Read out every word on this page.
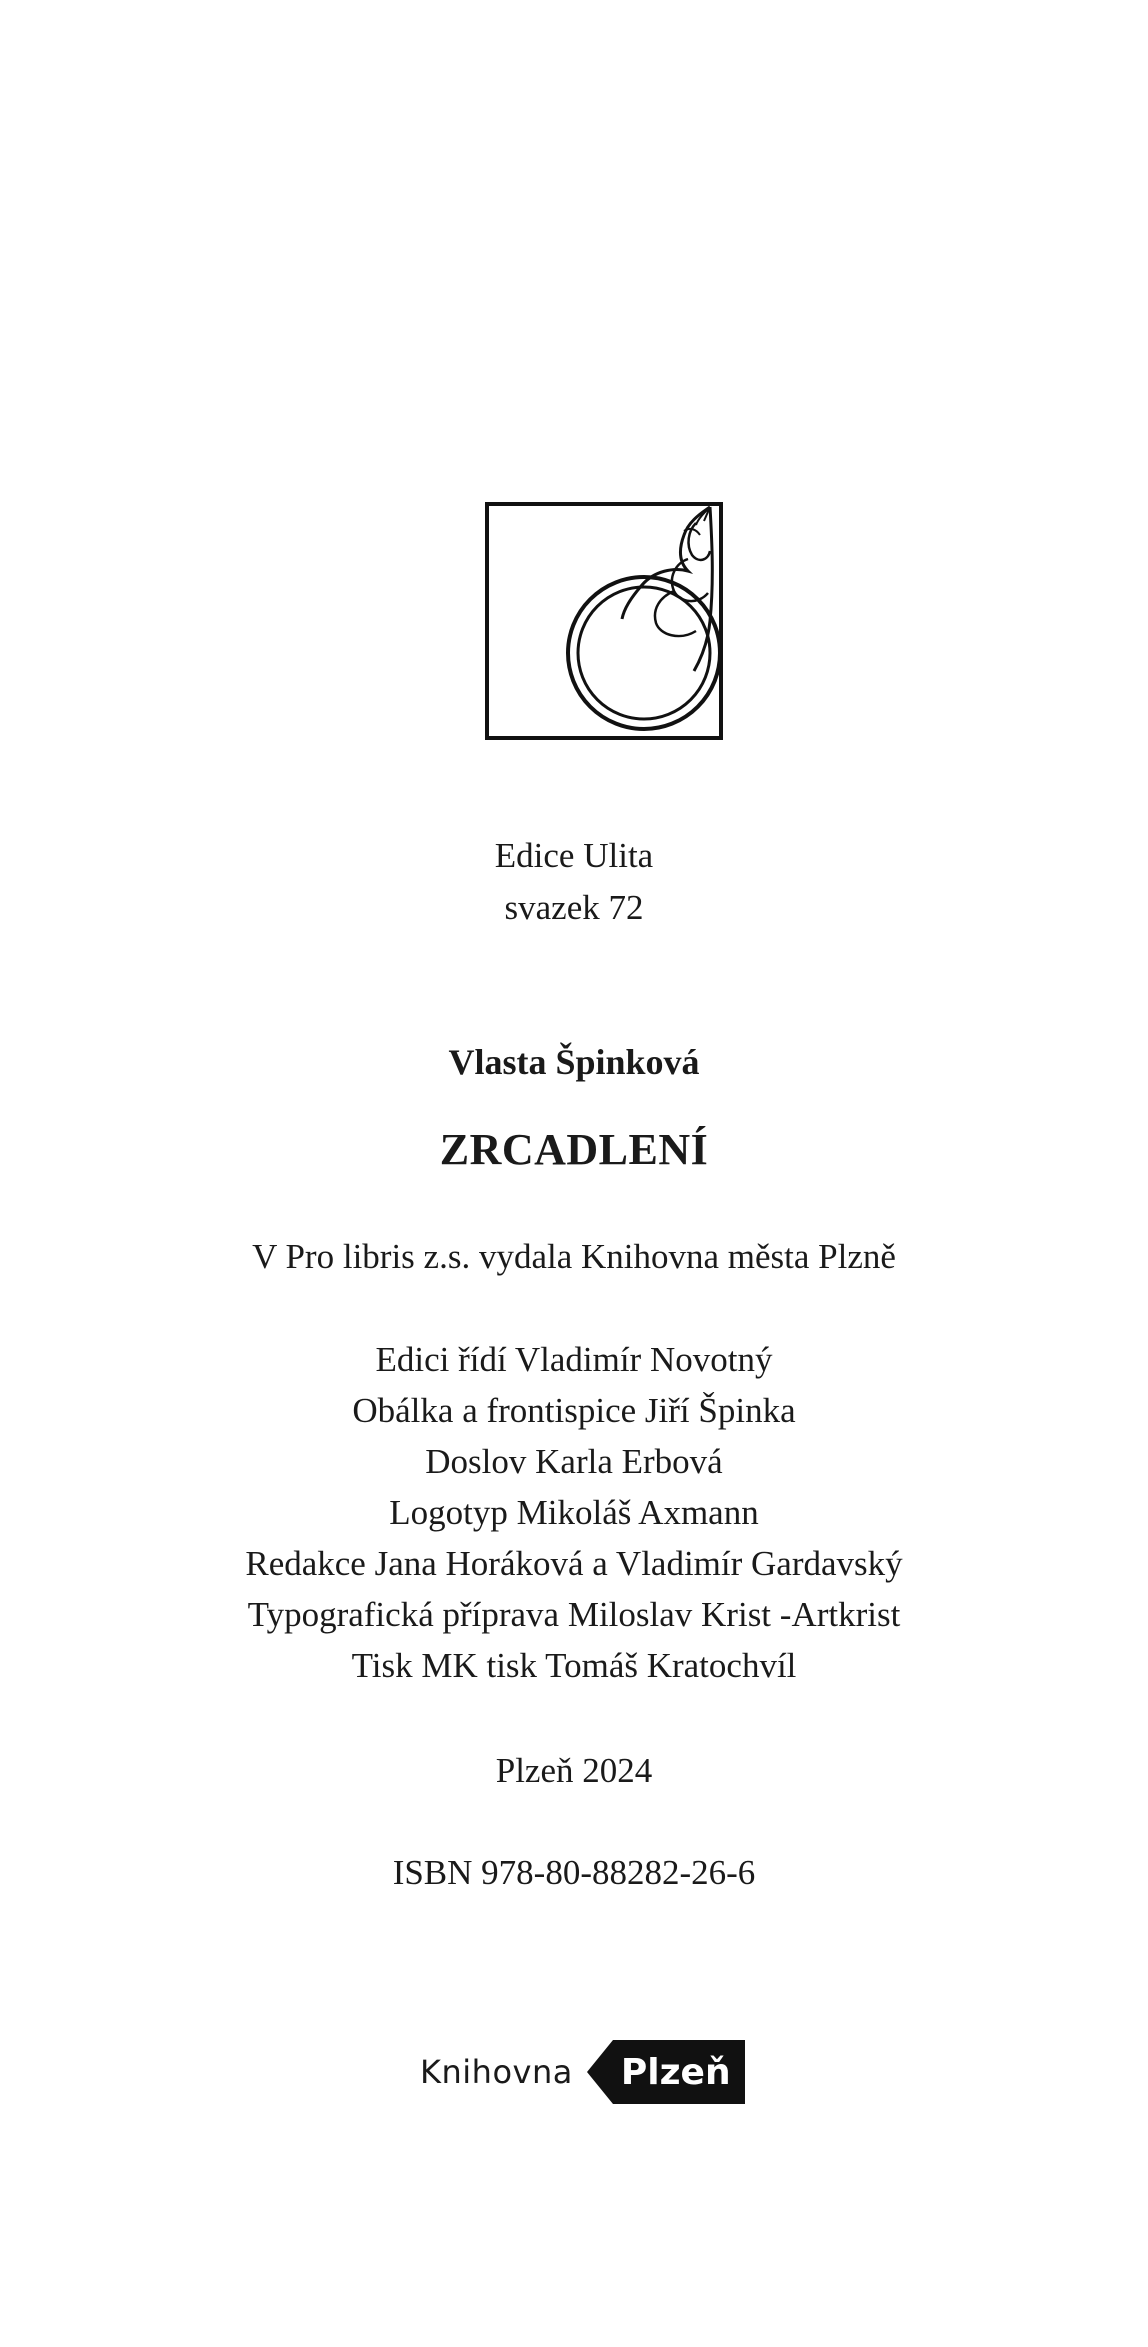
Edice Ulita
svazek 72
Vlasta Špinková
ZRCADLENÍ
V Pro libris z.s. vydala Knihovna města Plzně
Edici řídí Vladimír Novotný
Obálka a frontispice Jiří Špinka
Doslov Karla Erbová
Logotyp Mikoláš Axmann
Redakce Jana Horáková a Vladimír Gardavský
Typografická příprava Miloslav Krist -Artkrist
Tisk MK tisk Tomáš Kratochvíl
Plzeň 2024
ISBN 978-80-88282-26-6
Knihovna Plzeň
